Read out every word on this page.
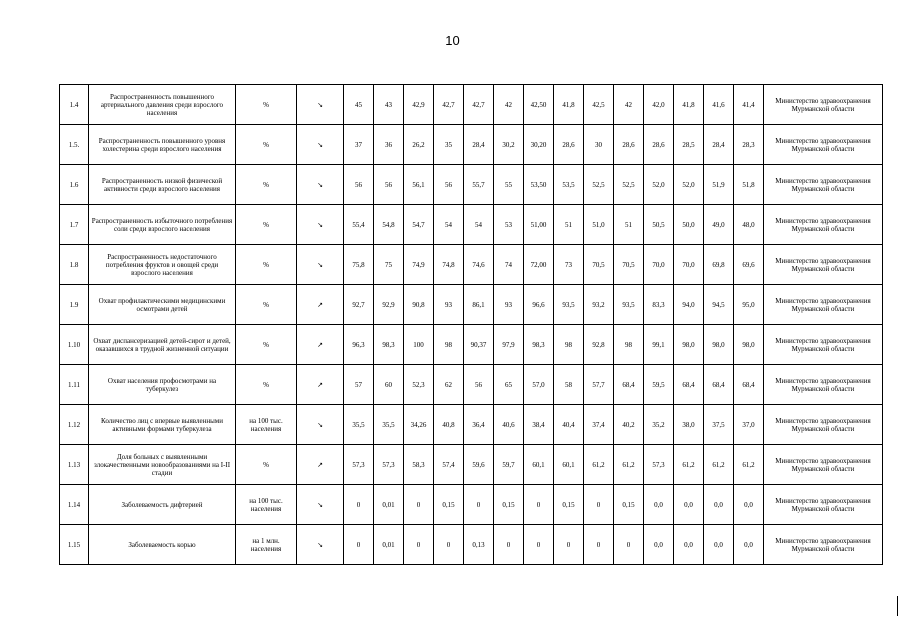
10
1.4	Распространенность повышенного артериального давления среди взрослого населения	%	↘	45	43	42,9	42,7	42,7	42	42,50	41,8	42,5	42	42,0	41,8	41,6	41,4	Министерство здравоохранения Мурманской области
1.5.	Распространенность повышенного уровня холестерина среди взрослого населения	%	↘	37	36	26,2	35	28,4	30,2	30,20	28,6	30	28,6	28,6	28,5	28,4	28,3	Министерство здравоохранения Мурманской области
1.6	Распространенность низкой физической активности среди взрослого населения	%	↘	56	56	56,1	56	55,7	55	53,50	53,5	52,5	52,5	52,0	52,0	51,9	51,8	Министерство здравоохранения Мурманской области
1.7	Распространенность избыточного потребления соли среди взрослого населения	%	↘	55,4	54,8	54,7	54	54	53	51,00	51	51,0	51	50,5	50,0	49,0	48,0	Министерство здравоохранения Мурманской области
1.8	Распространенность недостаточного потребления фруктов и овощей среди взрослого населения	%	↘	75,8	75	74,9	74,8	74,6	74	72,00	73	70,5	70,5	70,0	70,0	69,8	69,6	Министерство здравоохранения Мурманской области
1.9	Охват профилактическими медицинскими осмотрами детей	%	↗	92,7	92,9	90,8	93	86,1	93	96,6	93,5	93,2	93,5	83,3	94,0	94,5	95,0	Министерство здравоохранения Мурманской области
1.10	Охват диспансеризацией детей-сирот и детей, оказавшихся в трудной жизненной ситуации	%	↗	96,3	98,3	100	98	90,37	97,9	98,3	98	92,8	98	99,1	98,0	98,0	98,0	Министерство здравоохранения Мурманской области
1.11	Охват населения профосмотрами на туберкулез	%	↗	57	60	52,3	62	56	65	57,0	58	57,7	68,4	59,5	68,4	68,4	68,4	Министерство здравоохранения Мурманской области
1.12	Количество лиц с впервые выявленными активными формами туберкулеза	на 100 тыс. населения	↘	35,5	35,5	34,26	40,8	36,4	40,6	38,4	40,4	37,4	40,2	35,2	38,0	37,5	37,0	Министерство здравоохранения Мурманской области
1.13	Доля больных с выявленными злокачественными новообразованиями на I-II стадии	%	↗	57,3	57,3	58,3	57,4	59,6	59,7	60,1	60,1	61,2	61,2	57,3	61,2	61,2	61,2	Министерство здравоохранения Мурманской области
1.14	Заболеваемость дифтерией	на 100 тыс. населения	↘	0	0,01	0	0,15	0	0,15	0	0,15	0	0,15	0,0	0,0	0,0	0,0	Министерство здравоохранения Мурманской области
1.15	Заболеваемость корью	на 1 млн. населения	↘	0	0,01	0	0	0,13	0	0	0	0	0	0,0	0,0	0,0	0,0	Министерство здравоохранения Мурманской области
